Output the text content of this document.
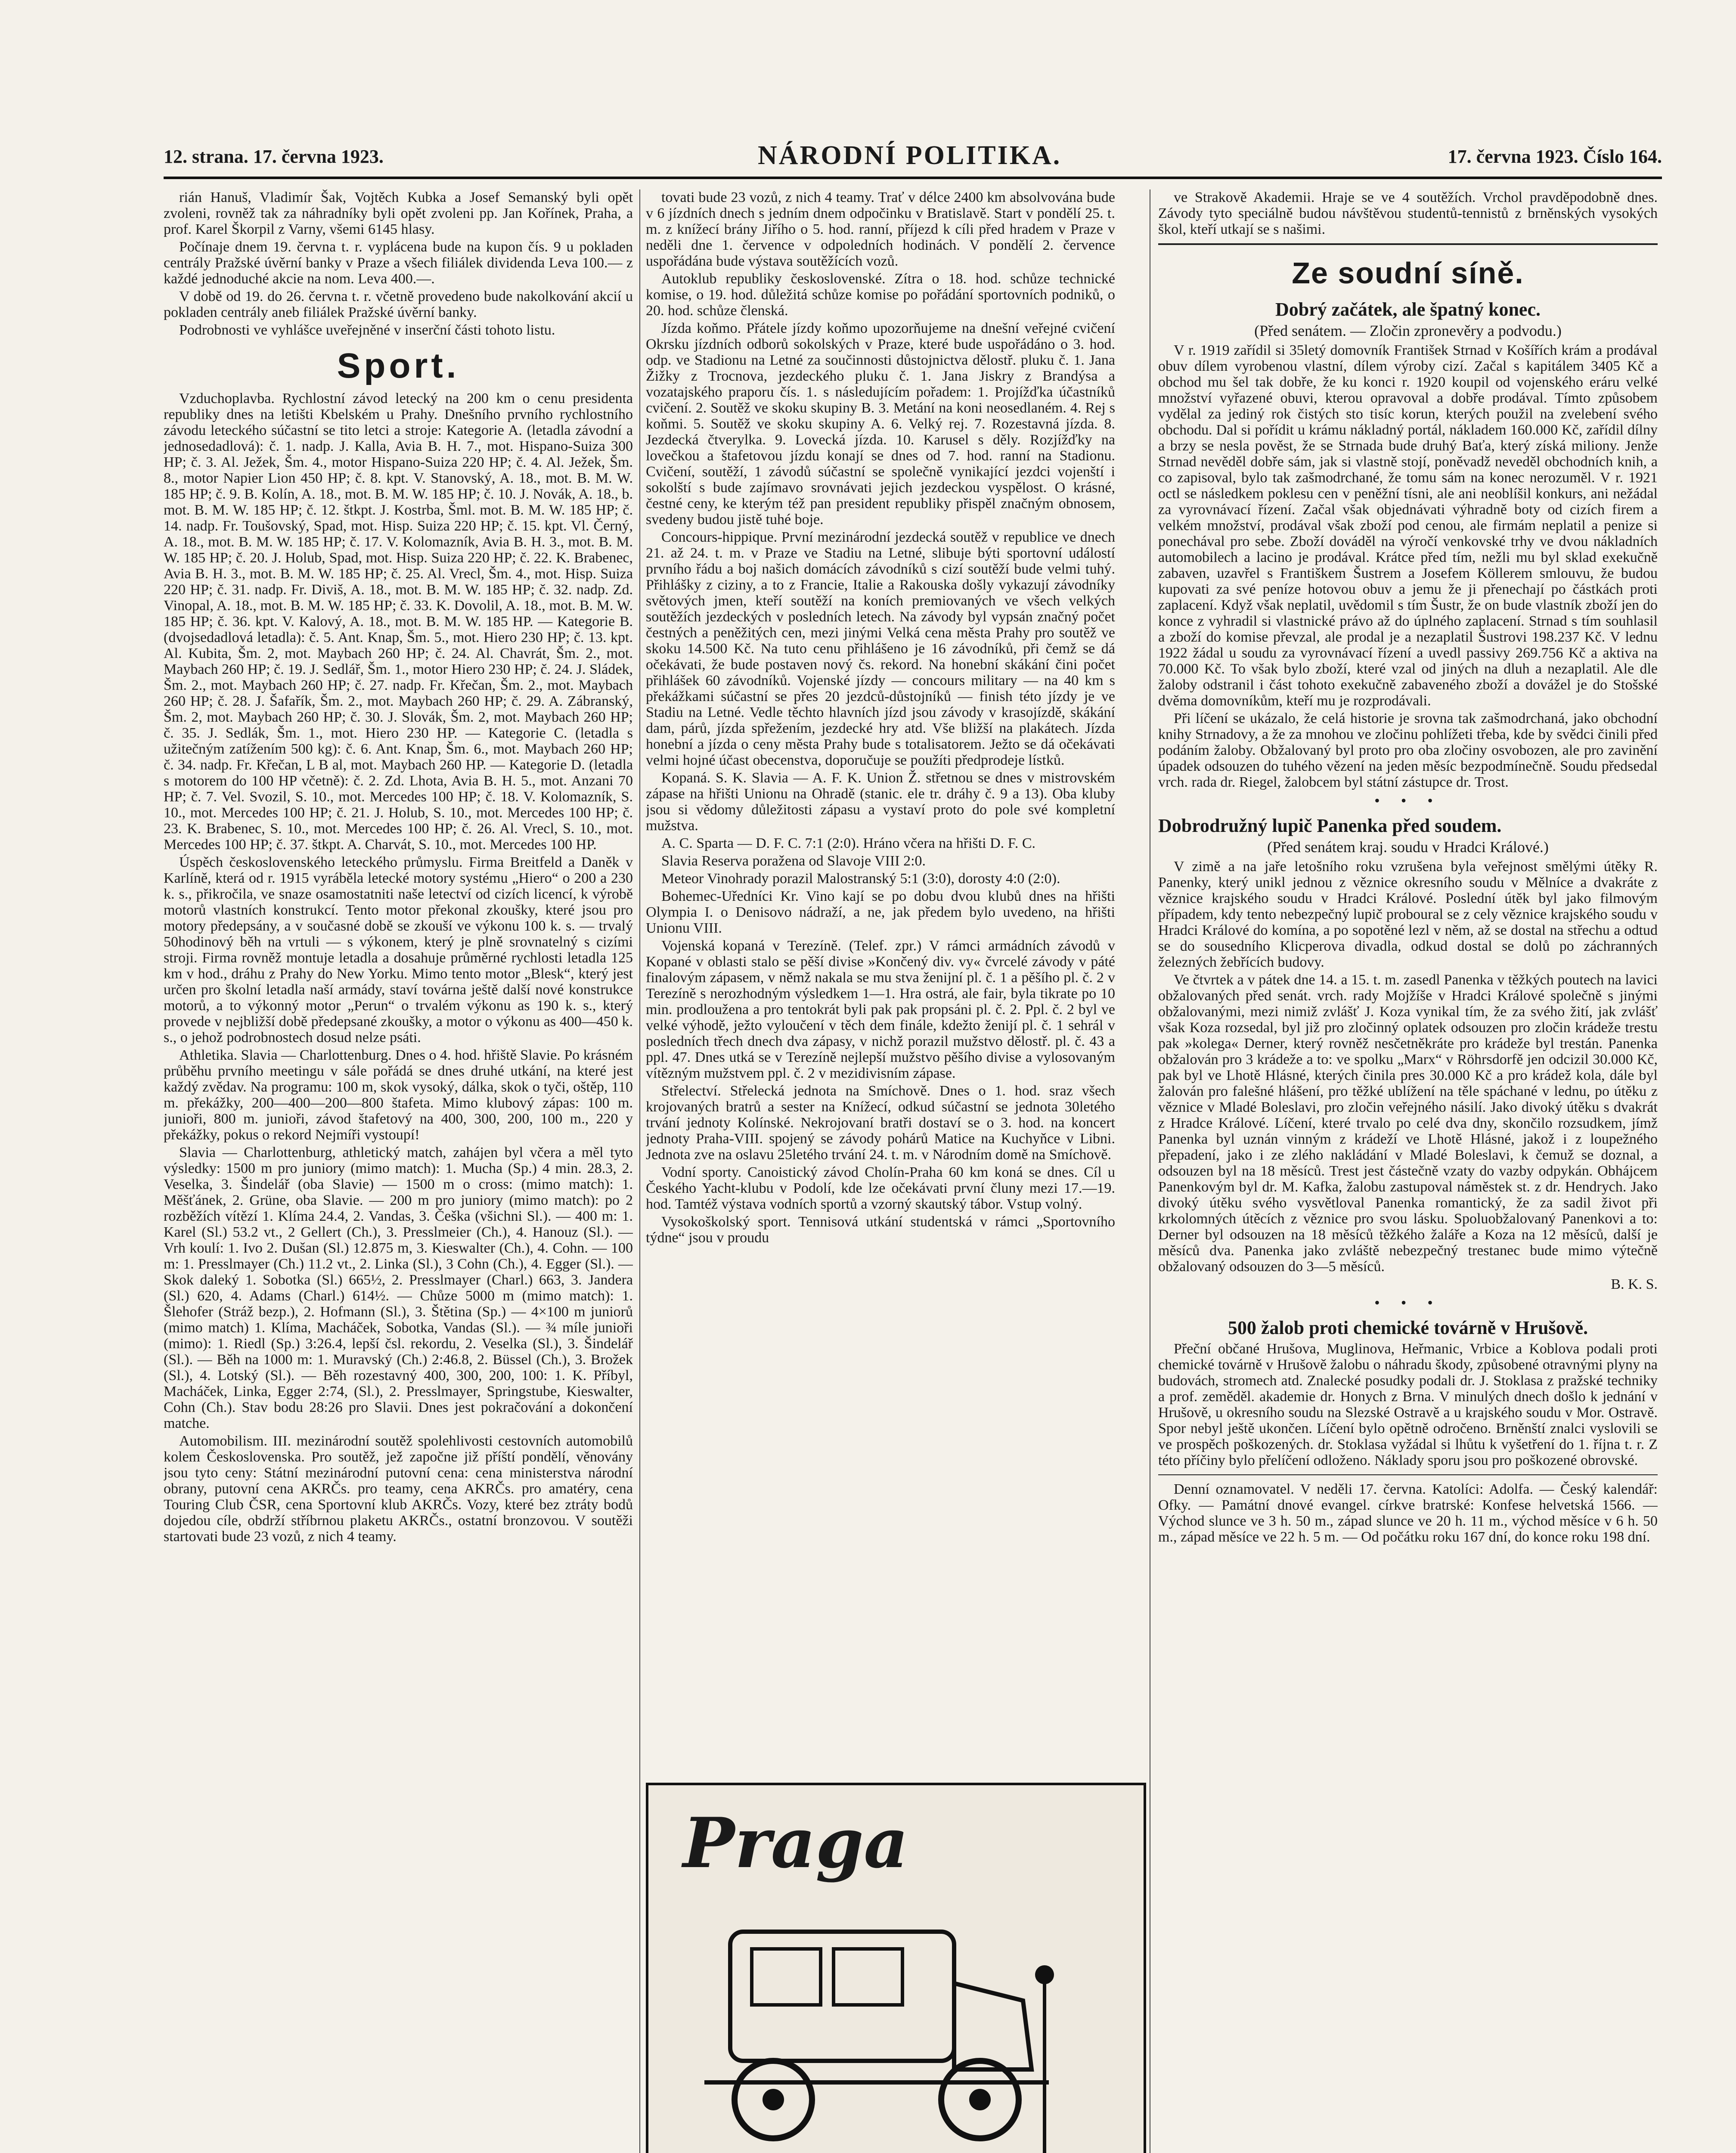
12. strana. 17. června 1923.	NÁRODNÍ POLITIKA.	17. června 1923. Číslo 164.

rián Hanuš, Vladimír Šak, Vojtěch Kubka a Josef Semanský byli opět zvoleni, rovněž tak za náhradníky byli opět zvoleni pp. Jan Kořínek, Praha, a prof. Karel Škorpil z Varny, všemi 6145 hlasy.

Počínaje dnem 19. června t. r. vyplácena bude na kupon čís. 9 u pokladen centrály Pražské úvěrní banky v Praze a všech filiálek dividenda Leva 100.— z každé jednoduché akcie na nom. Leva 400.—.

V době od 19. do 26. června t. r. včetně provedeno bude nakolkování akcií u pokladen centrály aneb filiálek Pražské úvěrní banky.

Podrobnosti ve vyhlášce uveřejněné v inserční části tohoto listu.

Sport.

Vzduchoplavba. Rychlostní závod letecký na 200 km o cenu presidenta republiky dnes na letišti Kbelském u Prahy. Dnešního prvního rychlostního závodu leteckého súčastní se tito letci a stroje: Kategorie A. (letadla závodní a jednosedadlová): č. 1. nadp. J. Kalla, Avia B. H. 7., mot. Hispano-Suiza 300 HP; č. 3. Al. Ježek, Šm. 4., motor Hispano-Suiza 220 HP; č. 4. Al. Ježek, Šm. 8., motor Napier Lion 450 HP; č. 8. kpt. V. Stanovský, A. 18., mot. B. M. W. 185 HP; č. 9. B. Kolín, A. 18., mot. B. M. W. 185 HP; č. 10. J. Novák, A. 18., b. mot. B. M. W. 185 HP; č. 12. štkpt. J. Kostrba, Šml. mot. B. M. W. 185 HP; č. 14. nadp. Fr. Toušovský, Spad, mot. Hisp. Suiza 220 HP; č. 15. kpt. Vl. Černý, A. 18., mot. B. M. W. 185 HP; č. 17. V. Kolomazník, Avia B. H. 3., mot. B. M. W. 185 HP; č. 20. J. Holub, Spad, mot. Hisp. Suiza 220 HP; č. 22. K. Brabenec, Avia B. H. 3., mot. B. M. W. 185 HP; č. 25. Al. Vrecl, Šm. 4., mot. Hisp. Suiza 220 HP; č. 31. nadp. Fr. Diviš, A. 18., mot. B. M. W. 185 HP; č. 32. nadp. Zd. Vinopal, A. 18., mot. B. M. W. 185 HP; č. 33. K. Dovolil, A. 18., mot. B. M. W. 185 HP; č. 36. kpt. V. Kalový, A. 18., mot. B. M. W. 185 HP. — Kategorie B. (dvojsedadlová letadla): č. 5. Ant. Knap, Šm. 5., mot. Hiero 230 HP; č. 13. kpt. Al. Kubita, Šm. 2, mot. Maybach 260 HP; č. 24. Al. Chavrát, Šm. 2., mot. Maybach 260 HP; č. 19. J. Sedlář, Šm. 1., motor Hiero 230 HP; č. 24. J. Sládek, Šm. 2., mot. Maybach 260 HP; č. 27. nadp. Fr. Křečan, Šm. 2., mot. Maybach 260 HP; č. 28. J. Šafařík, Šm. 2., mot. Maybach 260 HP; č. 29. A. Zábranský, Šm. 2, mot. Maybach 260 HP; č. 30. J. Slovák, Šm. 2, mot. Maybach 260 HP; č. 35. J. Sedlák, Šm. 1., mot. Hiero 230 HP. — Kategorie C. (letadla s užitečným zatížením 500 kg): č. 6. Ant. Knap, Šm. 6., mot. Maybach 260 HP; č. 34. nadp. Fr. Křečan, L B al, mot. Maybach 260 HP. — Kategorie D. (letadla s motorem do 100 HP včetně): č. 2. Zd. Lhota, Avia B. H. 5., mot. Anzani 70 HP; č. 7. Vel. Svozil, S. 10., mot. Mercedes 100 HP; č. 18. V. Kolomazník, S. 10., mot. Mercedes 100 HP; č. 21. J. Holub, S. 10., mot. Mercedes 100 HP; č. 23. K. Brabenec, S. 10., mot. Mercedes 100 HP; č. 26. Al. Vrecl, S. 10., mot. Mercedes 100 HP; č. 37. štkpt. A. Charvát, S. 10., mot. Mercedes 100 HP.

Úspěch československého leteckého průmyslu. Firma Breitfeld a Daněk v Karlíně, která od r. 1915 vyráběla letecké motory systému „Hiero“ o 200 a 230 k. s., přikročila, ve snaze osamostatniti naše letectví od cizích licencí, k výrobě motorů vlastních konstrukcí. Tento motor překonal zkoušky, které jsou pro motory předepsány, a v současné době se zkouší ve výkonu 100 k. s. — trvalý 50hodinový běh na vrtuli — s výkonem, který je plně srovnatelný s cizími stroji. Firma rovněž montuje letadla a dosahuje průměrné rychlosti letadla 125 km v hod., dráhu z Prahy do New Yorku. Mimo tento motor „Blesk“, který jest určen pro školní letadla naší armády, staví továrna ještě další nové konstrukce motorů, a to výkonný motor „Perun“ o trvalém výkonu as 190 k. s., který provede v nejbližší době předepsané zkoušky, a motor o výkonu as 400—450 k. s., o jehož podrobnostech dosud nelze psáti.

Athletika. Slavia — Charlottenburg. Dnes o 4. hod. hřiště Slavie. Po krásném průběhu prvního meetingu v sále pořádá se dnes druhé utkání, na které jest každý zvědav. Na programu: 100 m, skok vysoký, dálka, skok o tyči, oštěp, 110 m. překážky, 200—400—200—800 štafeta. Mimo klubový zápas: 100 m. junioři, 800 m. junioři, závod štafetový na 400, 300, 200, 100 m., 220 y překážky, pokus o rekord Nejmíři vystoupí!

Slavia — Charlottenburg, athletický match, zahájen byl včera a měl tyto výsledky: 1500 m pro juniory (mimo match): 1. Mucha (Sp.) 4 min. 28.3, 2. Veselka, 3. Šindelář (oba Slavie) — 1500 m o cross: (mimo match): 1. Měšťánek, 2. Grüne, oba Slavie. — 200 m pro juniory (mimo match): po 2 rozběžích vítězí 1. Klíma 24.4, 2. Vandas, 3. Češka (všichni Sl.). — 400 m: 1. Karel (Sl.) 53.2 vt., 2 Gellert (Ch.), 3. Presslmeier (Ch.), 4. Hanouz (Sl.). — Vrh koulí: 1. Ivo 2. Dušan (Sl.) 12.875 m, 3. Kieswalter (Ch.), 4. Cohn. — 100 m: 1. Presslmayer (Ch.) 11.2 vt., 2. Linka (Sl.), 3 Cohn (Ch.), 4. Egger (Sl.). — Skok daleký 1. Sobotka (Sl.) 665½, 2. Presslmayer (Charl.) 663, 3. Jandera (Sl.) 620, 4. Adams (Charl.) 614½. — Chůze 5000 m (mimo match): 1. Šlehofer (Stráž bezp.), 2. Hofmann (Sl.), 3. Štětina (Sp.) — 4×100 m juniorů (mimo match) 1. Klíma, Macháček, Sobotka, Vandas (Sl.). — ¾ míle junioři (mimo): 1. Riedl (Sp.) 3:26.4, lepší čsl. rekordu, 2. Veselka (Sl.), 3. Šindelář (Sl.). — Běh na 1000 m: 1. Muravský (Ch.) 2:46.8, 2. Büssel (Ch.), 3. Brožek (Sl.), 4. Lotský (Sl.). — Běh rozestavný 400, 300, 200, 100: 1. K. Příbyl, Macháček, Linka, Egger 2:74, (Sl.), 2. Presslmayer, Springstube, Kieswalter, Cohn (Ch.). Stav bodu 28:26 pro Slavii. Dnes jest pokračování a dokončení matche.

Automobilism. III. mezinárodní soutěž spolehlivosti cestovních automobilů kolem Československa. Pro soutěž, jež započne již příští pondělí, věnovány jsou tyto ceny: Státní mezinárodní putovní cena: cena ministerstva národní obrany, putovní cena AKRČs. pro teamy, cena AKRČs. pro amatéry, cena Touring Club ČSR, cena Sportovní klub AKRČs. Vozy, které bez ztráty bodů dojedou cíle, obdrží stříbrnou plaketu AKRČs., ostatní bronzovou. V soutěži startovati bude 23 vozů, z nich 4 teamy.

tovati bude 23 vozů, z nich 4 teamy. Trať v délce 2400 km absolvována bude v 6 jízdních dnech s jedním dnem odpočinku v Bratislavě. Start v pondělí 25. t. m. z knížecí brány Jiřího o 5. hod. ranní, příjezd k cíli před hradem v Praze v neděli dne 1. července v odpoledních hodinách. V pondělí 2. července uspořádána bude výstava soutěžících vozů.

Autoklub republiky československé. Zítra o 18. hod. schůze technické komise, o 19. hod. důležitá schůze komise po pořádání sportovních podniků, o 20. hod. schůze členská.

Jízda koňmo. Přátele jízdy koňmo upozorňujeme na dnešní veřejné cvičení Okrsku jízdních odborů sokolských v Praze, které bude uspořádáno o 3. hod. odp. ve Stadionu na Letné za součinnosti důstojnictva dělostř. pluku č. 1. Jana Žižky z Trocnova, jezdeckého pluku č. 1. Jana Jiskry z Brandýsa a vozatajského praporu čís. 1. s následujícím pořadem: 1. Projížďka účastníků cvičení. 2. Soutěž ve skoku skupiny B. 3. Metání na koni neosedlaném. 4. Rej s koňmi. 5. Soutěž ve skoku skupiny A. 6. Velký rej. 7. Rozestavná jízda. 8. Jezdecká čtverylka. 9. Lovecká jízda. 10. Karusel s děly. Rozjížďky na lovečkou a štafetovou jízdu konají se dnes od 7. hod. ranní na Stadionu. Cvičení, soutěží, 1 závodů súčastní se společně vynikající jezdci vojenští i sokolští s bude zajímavo srovnávati jejich jezdeckou vyspělost. O krásné, čestné ceny, ke kterým též pan president republiky přispěl značným obnosem, svedeny budou jistě tuhé boje.

Concours-hippique. První mezinárodní jezdecká soutěž v republice ve dnech 21. až 24. t. m. v Praze ve Stadiu na Letné, slibuje býti sportovní událostí prvního řádu a boj našich domácích závodníků s cizí soutěží bude velmi tuhý. Přihlášky z ciziny, a to z Francie, Italie a Rakouska došly vykazují závodníky světových jmen, kteří soutěží na koních premiovaných ve všech velkých soutěžích jezdeckých v posledních letech. Na závody byl vypsán značný počet čestných a peněžitých cen, mezi jinými Velká cena města Prahy pro soutěž ve skoku 14.500 Kč. Na tuto cenu přihlášeno je 16 závodníků, při čemž se dá očekávati, že bude postaven nový čs. rekord. Na honební skákání čini počet přihlášek 60 závodníků. Vojenské jízdy — concours military — na 40 km s překážkami súčastní se přes 20 jezdců-důstojníků — finish této jízdy je ve Stadiu na Letné. Vedle těchto hlavních jízd jsou závody v krasojízdě, skákání dam, párů, jízda spřežením, jezdecké hry atd. Vše bližší na plakátech. Jízda honební a jízda o ceny města Prahy bude s totalisatorem. Ježto se dá očekávati velmi hojné účast obecenstva, doporučuje se použíti předprodeje lístků.

Kopaná. S. K. Slavia — A. F. K. Union Ž. střetnou se dnes v mistrovském zápase na hřišti Unionu na Ohradě (stanic. ele tr. dráhy č. 9 a 13). Oba kluby jsou si vědomy důležitosti zápasu a vystaví proto do pole své kompletní mužstva.

A. C. Sparta — D. F. C. 7:1 (2:0). Hráno včera na hřišti D. F. C.

Slavia Reserva poražena od Slavoje VIII 2:0.

Meteor Vinohrady porazil Malostranský 5:1 (3:0), dorosty 4:0 (2:0).

Bohemec-Uředníci Kr. Vino kají se po dobu dvou klubů dnes na hřišti Olympia I. o Denisovo nádraží, a ne, jak předem bylo uvedeno, na hřišti Unionu VIII.

Vojenská kopaná v Terezíně. (Telef. zpr.) V rámci armádních závodů v Kopané v oblasti stalo se pěší divise »Končený div. vy« čvrcelé závody v páté finalovým zápasem, v němž nakala se mu stva ženijní pl. č. 1 a pěšího pl. č. 2 v Terezíně s nerozhodným výsledkem 1—1. Hra ostrá, ale fair, byla tikrate po 10 min. prodloužena a pro tentokrát byli pak pak propsáni pl. č. 2. Ppl. č. 2 byl ve velké výhodě, ježto vyloučení v těch dem finále, kdežto ženijí pl. č. 1 sehrál v posledních třech dnech dva zápasy, v nichž porazil mužstvo dělostř. pl. č. 43 a ppl. 47. Dnes utká se v Terezíně nejlepší mužstvo pěšího divise a vylosovaným vítězným mužstvem ppl. č. 2 v mezidivisním zápase.

Střelectví. Střelecká jednota na Smíchově. Dnes o 1. hod. sraz všech krojovaných bratrů a sester na Knížecí, odkud súčastní se jednota 30letého trvání jednoty Kolínské. Nekrojovaní bratři dostaví se o 3. hod. na koncert jednoty Praha-VIII. spojený se závody pohárů Matice na Kuchyňce v Libni. Jednota zve na oslavu 25letého trvání 24. t. m. v Národním domě na Smíchově.

Vodní sporty. Canoistický závod Cholín-Praha 60 km koná se dnes. Cíl u Českého Yacht-klubu v Podolí, kde lze očekávati první čluny mezi 17.—19. hod. Tamtéž výstava vodních sportů a vzorný skautský tábor. Vstup volný.

Vysokoškolský sport. Tennisová utkání studentská v rámci „Sportovního týdne“ jsou v proudu

Praga

ve Strakově Akademii. Hraje se ve 4 soutěžích. Vrchol pravděpodobně dnes. Závody tyto speciálně budou návštěvou studentů-tennistů z brněnských vysokých škol, kteří utkají se s našimi.

Ze soudní síně.
Dobrý začátek, ale špatný konec.
(Před senátem. — Zločin zpronevěry a podvodu.)

V r. 1919 zařídil si 35letý domovník František Strnad v Košířích krám a prodával obuv dílem vyrobenou vlastní, dílem výroby cizí. Začal s kapitálem 3405 Kč a obchod mu šel tak dobře, že ku konci r. 1920 koupil od vojenského eráru velké množství vyřazené obuvi, kterou opravoval a dobře prodával. Tímto způsobem vydělal za jediný rok čistých sto tisíc korun, kterých použil na zvelebení svého obchodu. Dal si pořídit u krámu nákladný portál, nákladem 160.000 Kč, zařídil dílny a brzy se nesla pověst, že se Strnada bude druhý Baťa, který získá miliony. Jenže Strnad nevěděl dobře sám, jak si vlastně stojí, poněvadž neveděl obchodních knih, a co zapisoval, bylo tak zašmodrchané, že tomu sám na konec nerozuměl. V r. 1921 octl se následkem poklesu cen v peněžní tísni, ale ani neoblíšil konkurs, ani nežádal za vyrovnávací řízení. Začal však objednávati výhradně boty od cizích firem a velkém množství, prodával však zboží pod cenou, ale firmám neplatil a penize si ponechával pro sebe. Zboží dováděl na výročí venkovské trhy ve dvou nákladních automobilech a lacino je prodával. Krátce před tím, nežli mu byl sklad exekučně zabaven, uzavřel s Františkem Šustrem a Josefem Köllerem smlouvu, že budou kupovati za své peníze hotovou obuv a jemu že ji přenechají po částkách proti zaplacení. Když však neplatil, uvědomil s tím Šustr, že on bude vlastník zboží jen do konce z vyhradil si vlastnické právo až do úplného zaplacení. Strnad s tím souhlasil a zboží do komise převzal, ale prodal je a nezaplatil Šustrovi 198.237 Kč. V lednu 1922 žádal u soudu za vyrovnávací řízení a uvedl passivy 269.756 Kč a aktiva na 70.000 Kč. To však bylo zboží, které vzal od jiných na dluh a nezaplatil. Ale dle žaloby odstranil i část tohoto exekučně zabaveného zboží a dovážel je do Stošské dvěma domovníkům, kteří mu je rozprodávali.

Při líčení se ukázalo, že celá historie je srovna tak zašmodrchaná, jako obchodní knihy Strnadovy, a že za mnohou ve zločinu pohlížeti třeba, kde by svědci činili před podáním žaloby. Obžalovaný byl proto pro oba zločiny osvobozen, ale pro zavinění úpadek odsouzen do tuhého vězení na jeden měsíc bezpodmínečně. Soudu předsedal vrch. rada dr. Riegel, žalobcem byl státní zástupce dr. Trost.

• • •
Dobrodružný lupič Panenka před soudem.
(Před senátem kraj. soudu v Hradci Králové.)

V zimě a na jaře letošního roku vzrušena byla veřejnost smělými útěky R. Panenky, který unikl jednou z věznice okresního soudu v Mělníce a dvakráte z věznice krajského soudu v Hradci Králové. Poslední útěk byl jako filmovým případem, kdy tento nebezpečný lupič proboural se z cely věznice krajského soudu v Hradci Králové do komína, a po sopotěné lezl v něm, až se dostal na střechu a odtud se do sousedního Klicperova divadla, odkud dostal se dolů po záchranných železných žebřících budovy.

Ve čtvrtek a v pátek dne 14. a 15. t. m. zasedl Panenka v těžkých poutech na lavici obžalovaných před senát. vrch. rady Mojžíše v Hradci Králové společně s jinými obžalovanými, mezi nimiž zvlášť J. Koza vynikal tím, že za svého žití, jak zvlášť však Koza rozsedal, byl již pro zločinný oplatek odsouzen pro zločin krádeže trestu pak »kolega« Derner, který rovněž nesčetněkráte pro krádeže byl trestán. Panenka obžalován pro 3 krádeže a to: ve spolku „Marx“ v Röhrsdorfě jen odcizil 30.000 Kč, pak byl ve Lhotě Hlásné, kterých činila pres 30.000 Kč a pro krádež kola, dále byl žalován pro falešné hlášení, pro těžké ublížení na těle spáchané v lednu, po útěku z věznice v Mladé Boleslavi, pro zločin veřejného násilí. Jako divoký útěku s dvakrát z Hradce Králové. Líčení, které trvalo po celé dva dny, skončilo rozsudkem, jímž Panenka byl uznán vinným z krádeží ve Lhotě Hlásné, jakož i z loupežného přepadení, jako i ze zlého nakládání v Mladé Boleslavi, k čemuž se doznal, a odsouzen byl na 18 měsíců. Trest jest částečně vzaty do vazby odpykán. Obhájcem Panenkovým byl dr. M. Kafka, žalobu zastupoval náměstek st. z dr. Hendrych. Jako divoký útěku svého vysvětloval Panenka romantický, že za sadil život při krkolomných útěcích z věznice pro svou lásku. Spoluobžalovaný Panenkovi a to: Derner byl odsouzen na 18 měsíců těžkého žaláře a Koza na 12 měsíců, další je měsíců dva. Panenka jako zvláště nebezpečný trestanec bude mimo výtečně obžalovaný odsouzen do 3—5 měsíců.

B. K. S.
• • •
500 žalob proti chemické továrně v Hrušově.

Přeční občané Hrušova, Muglinova, Heřmanic, Vrbice a Koblova podali proti chemické továrně v Hrušově žalobu o náhradu škody, způsobené otravnými plyny na budovách, stromech atd. Znalecké posudky podali dr. J. Stoklasa z pražské techniky a prof. zeměděl. akademie dr. Honych z Brna. V minulých dnech došlo k jednání v Hrušově, u okresního soudu na Slezské Ostravě a u krajského soudu v Mor. Ostravě. Spor nebyl ještě ukončen. Líčení bylo opětně odročeno. Brněnští znalci vyslovili se ve prospěch poškozených. dr. Stoklasa vyžádal si lhůtu k vyšetření do 1. října t. r. Z této příčiny bylo přelíčení odloženo. Náklady sporu jsou pro poškozené obrovské.

Denní oznamovatel. V neděli 17. června. Katolíci: Adolfa. — Český kalendář: Ofky. — Památní dnové evangel. církve bratrské: Konfese helvetská 1566. — Východ slunce ve 3 h. 50 m., západ slunce ve 20 h. 11 m., východ měsíce v 6 h. 50 m., západ měsíce ve 22 h. 5 m. — Od počátku roku 167 dní, do konce roku 198 dní.
